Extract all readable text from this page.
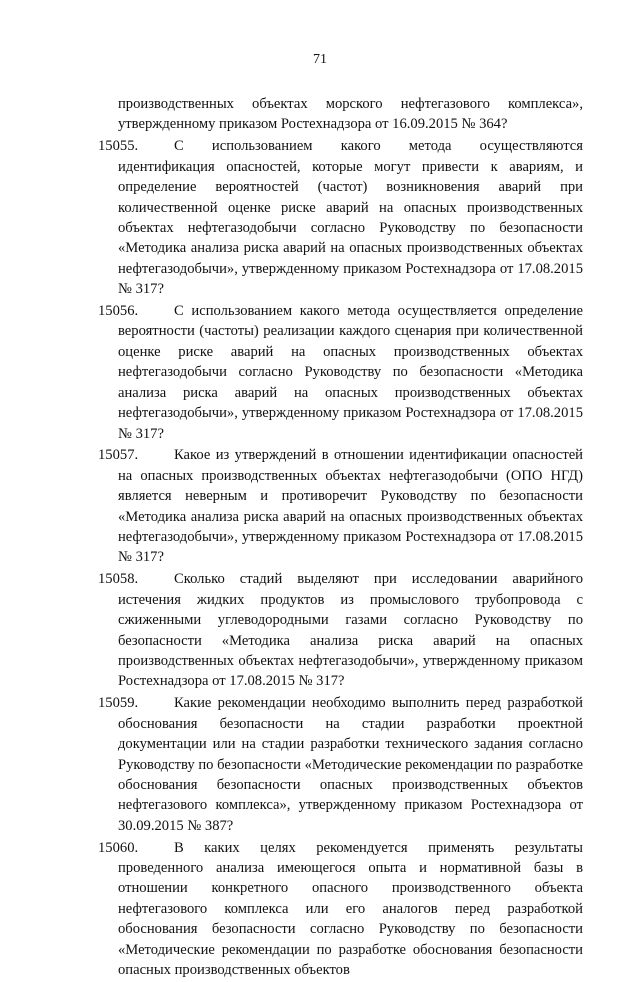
71

производственных объектах морского нефтегазового комплекса», утвержденному приказом Ростехнадзора от 16.09.2015 № 364?

15055. С использованием какого метода осуществляются идентификация опасностей, которые могут привести к авариям, и определение вероятностей (частот) возникновения аварий при количественной оценке риске аварий на опасных производственных объектах нефтегазодобычи согласно Руководству по безопасности «Методика анализа риска аварий на опасных производственных объектах нефтегазодобычи», утвержденному приказом Ростехнадзора от 17.08.2015 № 317?
15056. С использованием какого метода осуществляется определение вероятности (частоты) реализации каждого сценария при количественной оценке риске аварий на опасных производственных объектах нефтегазодобычи согласно Руководству по безопасности «Методика анализа риска аварий на опасных производственных объектах нефтегазодобычи», утвержденному приказом Ростехнадзора от 17.08.2015 № 317?
15057. Какое из утверждений в отношении идентификации опасностей на опасных производственных объектах нефтегазодобычи (ОПО НГД) является неверным и противоречит Руководству по безопасности «Методика анализа риска аварий на опасных производственных объектах нефтегазодобычи», утвержденному приказом Ростехнадзора от 17.08.2015 № 317?
15058. Сколько стадий выделяют при исследовании аварийного истечения жидких продуктов из промыслового трубопровода с сжиженными углеводородными газами согласно Руководству по безопасности «Методика анализа риска аварий на опасных производственных объектах нефтегазодобычи», утвержденному приказом Ростехнадзора от 17.08.2015 № 317?
15059. Какие рекомендации необходимо выполнить перед разработкой обоснования безопасности на стадии разработки проектной документации или на стадии разработки технического задания согласно Руководству по безопасности «Методические рекомендации по разработке обоснования безопасности опасных производственных объектов нефтегазового комплекса», утвержденному приказом Ростехнадзора от 30.09.2015 № 387?
15060. В каких целях рекомендуется применять результаты проведенного анализа имеющегося опыта и нормативной базы в отношении конкретного опасного производственного объекта нефтегазового комплекса или его аналогов перед разработкой обоснования безопасности согласно Руководству по безопасности «Методические рекомендации по разработке обоснования безопасности опасных производственных объектов
